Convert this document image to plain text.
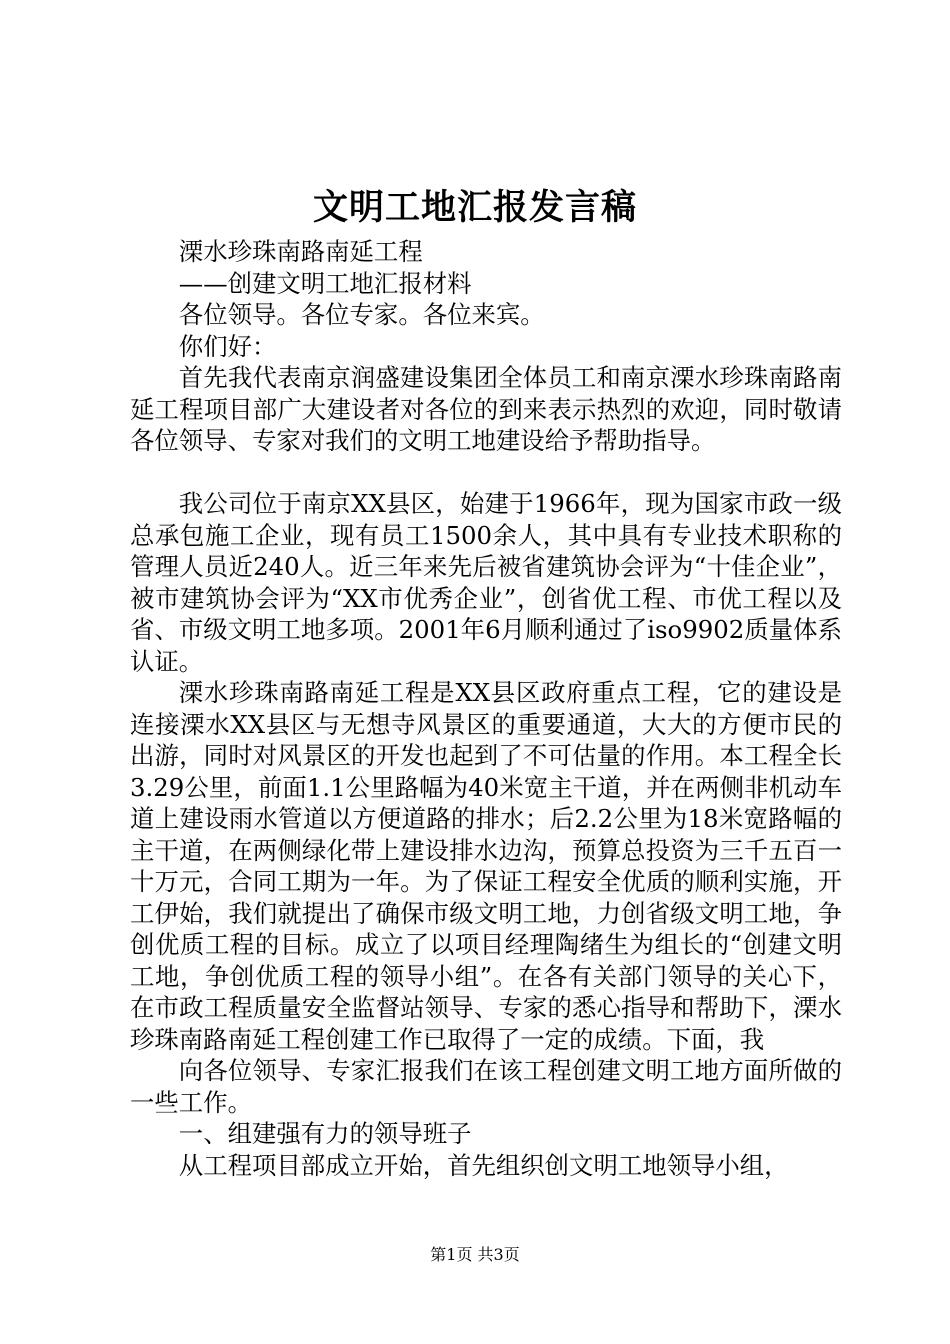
文明工地汇报发言稿

溧水珍珠南路南延工程

——创建文明工地汇报材料

各位领导。各位专家。各位来宾。

你们好：

首先我代表南京润盛建设集团全体员工和南京溧水珍珠南路南延工程项目部广大建设者对各位的到来表示热烈的欢迎，同时敬请各位领导、专家对我们的文明工地建设给予帮助指导。

我公司位于南京XX县区，始建于1966年，现为国家市政一级总承包施工企业，现有员工1500余人，其中具有专业技术职称的管理人员近240人。近三年来先后被省建筑协会评为“十佳企业”，被市建筑协会评为“XX市优秀企业”，创省优工程、市优工程以及省、市级文明工地多项。2001年6月顺利通过了iso9902质量体系认证。

溧水珍珠南路南延工程是XX县区政府重点工程，它的建设是连接溧水XX县区与无想寺风景区的重要通道，大大的方便市民的出游，同时对风景区的开发也起到了不可估量的作用。本工程全长3.29公里，前面1.1公里路幅为40米宽主干道，并在两侧非机动车道上建设雨水管道以方便道路的排水；后2.2公里为18米宽路幅的主干道，在两侧绿化带上建设排水边沟，预算总投资为三千五百一十万元，合同工期为一年。为了保证工程安全优质的顺利实施，开工伊始，我们就提出了确保市级文明工地，力创省级文明工地，争创优质工程的目标。成立了以项目经理陶绪生为组长的“创建文明工地，争创优质工程的领导小组”。在各有关部门领导的关心下，在市政工程质量安全监督站领导、专家的悉心指导和帮助下，溧水珍珠南路南延工程创建工作已取得了一定的成绩。下面，我

向各位领导、专家汇报我们在该工程创建文明工地方面所做的一些工作。

一、组建强有力的领导班子

从工程项目部成立开始，首先组织创文明工地领导小组，

第1页 共3页
